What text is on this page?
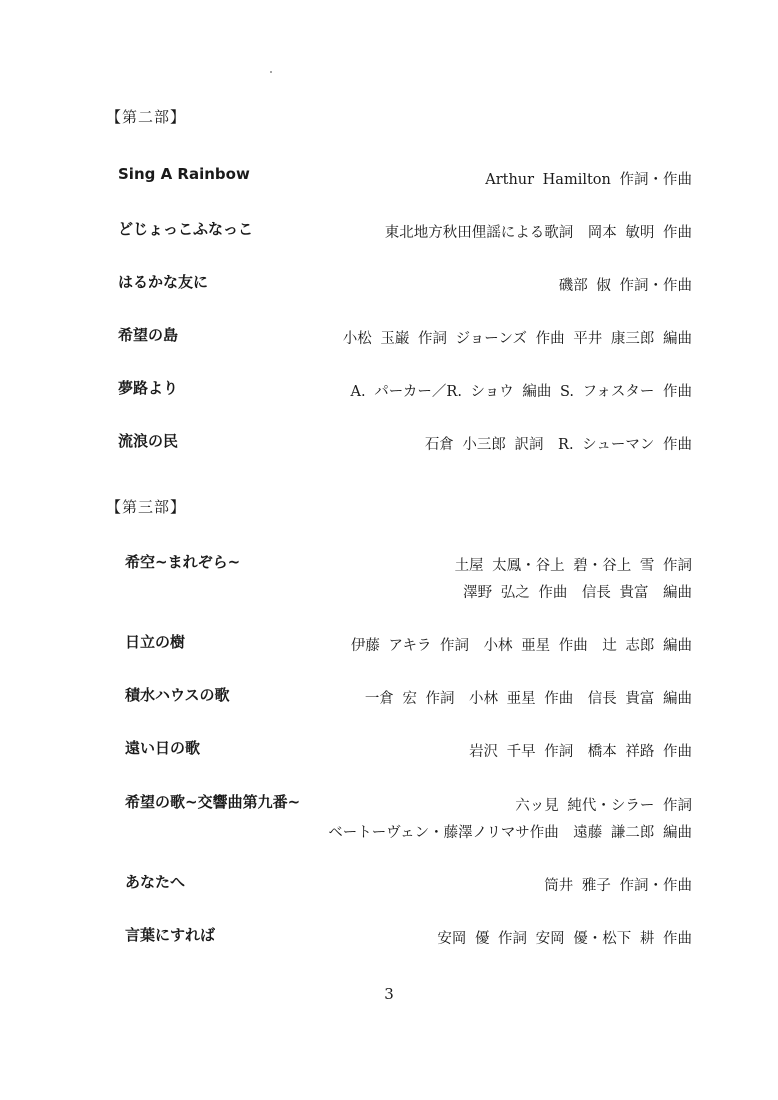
【第二部】
Sing A Rainbow	Arthur Hamilton 作詞・作曲
どじょっこふなっこ	東北地方秋田俚謡による歌詞　岡本 敏明 作曲
はるかな友に	磯部 俶 作詞・作曲
希望の島	小松 玉巌 作詞 ジョーンズ 作曲 平井 康三郎 編曲
夢路より	A. パーカー／R. ショウ 編曲 S. フォスター 作曲
流浪の民	石倉 小三郎 訳詞　R. シューマン 作曲
【第三部】
希空~まれぞら~	土屋 太鳳・谷上 碧・谷上 雪 作詞
澤野 弘之 作曲　信長 貴富　編曲
日立の樹	伊藤 アキラ 作詞　小林 亜星 作曲　辻 志郎 編曲
積水ハウスの歌	一倉 宏 作詞　小林 亜星 作曲　信長 貴富 編曲
遠い日の歌	岩沢 千早 作詞　橋本 祥路 作曲
希望の歌~交響曲第九番~	六ッ見 純代・シラー 作詞
ベートーヴェン・藤澤ノリマサ作曲　遠藤 謙二郎 編曲
あなたへ	筒井 雅子 作詞・作曲
言葉にすれば	安岡 優 作詞 安岡 優・松下 耕 作曲
3
